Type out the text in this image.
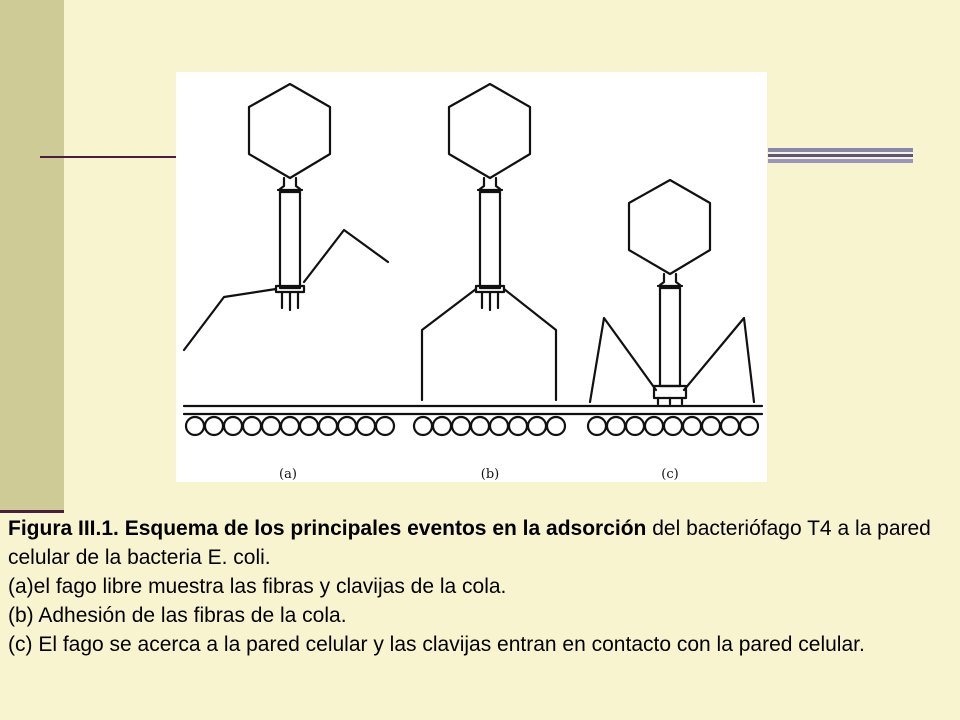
(a)	(b)	(c)

Figura III.1. Esquema de los principales eventos en la adsorción del bacteriófago T4 a la pared celular de la bacteria E. coli.

(a)el fago libre muestra las fibras y clavijas de la cola.

(b) Adhesión de las fibras de la cola.

(c) El fago se acerca a la pared celular y las clavijas entran en contacto con la pared celular.
